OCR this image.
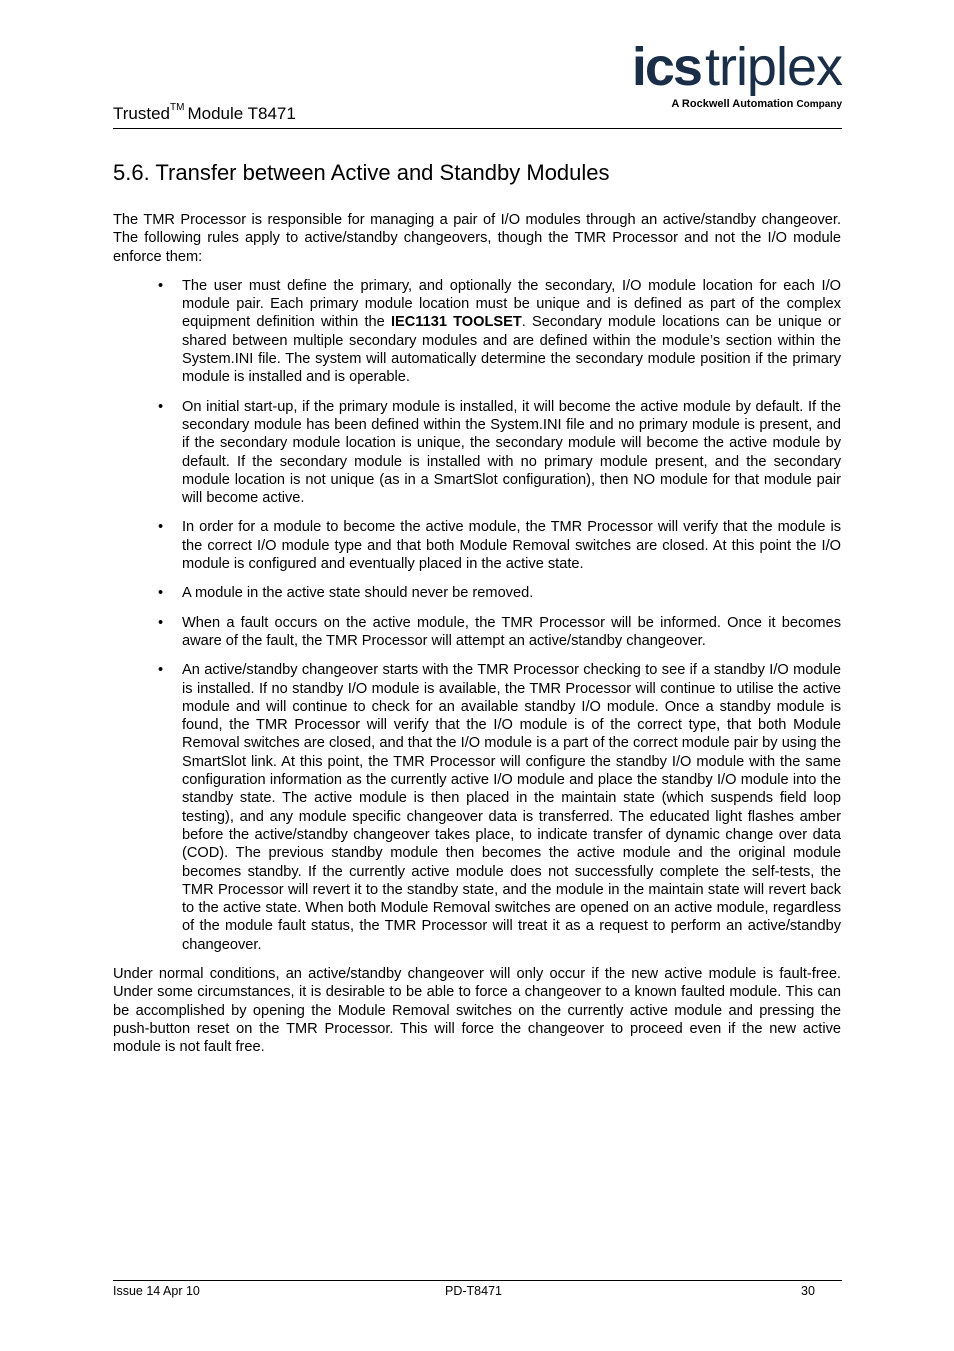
Trusted™ Module T8471
icstriplex
A Rockwell Automation Company
5.6. Transfer between Active and Standby Modules

The TMR Processor is responsible for managing a pair of I/O modules through an active/standby changeover. The following rules apply to active/standby changeovers, though the TMR Processor and not the I/O module enforce them:

• The user must define the primary, and optionally the secondary, I/O module location for each I/O module pair. Each primary module location must be unique and is defined as part of the complex equipment definition within the IEC1131 TOOLSET. Secondary module locations can be unique or shared between multiple secondary modules and are defined within the module’s section within the System.INI file. The system will automatically determine the secondary module position if the primary module is installed and is operable.
• On initial start-up, if the primary module is installed, it will become the active module by default. If the secondary module has been defined within the System.INI file and no primary module is present, and if the secondary module location is unique, the secondary module will become the active module by default. If the secondary module is installed with no primary module present, and the secondary module location is not unique (as in a SmartSlot configuration), then NO module for that module pair will become active.
• In order for a module to become the active module, the TMR Processor will verify that the module is the correct I/O module type and that both Module Removal switches are closed. At this point the I/O module is configured and eventually placed in the active state.
• A module in the active state should never be removed.
• When a fault occurs on the active module, the TMR Processor will be informed. Once it becomes aware of the fault, the TMR Processor will attempt an active/standby changeover.
• An active/standby changeover starts with the TMR Processor checking to see if a standby I/O module is installed. If no standby I/O module is available, the TMR Processor will continue to utilise the active module and will continue to check for an available standby I/O module. Once a standby module is found, the TMR Processor will verify that the I/O module is of the correct type, that both Module Removal switches are closed, and that the I/O module is a part of the correct module pair by using the SmartSlot link. At this point, the TMR Processor will configure the standby I/O module with the same configuration information as the currently active I/O module and place the standby I/O module into the standby state. The active module is then placed in the maintain state (which suspends field loop testing), and any module specific changeover data is transferred. The educated light flashes amber before the active/standby changeover takes place, to indicate transfer of dynamic change over data (COD). The previous standby module then becomes the active module and the original module becomes standby. If the currently active module does not successfully complete the self-tests, the TMR Processor will revert it to the standby state, and the module in the maintain state will revert back to the active state. When both Module Removal switches are opened on an active module, regardless of the module fault status, the TMR Processor will treat it as a request to perform an active/standby changeover.

Under normal conditions, an active/standby changeover will only occur if the new active module is fault-free. Under some circumstances, it is desirable to be able to force a changeover to a known faulted module. This can be accomplished by opening the Module Removal switches on the currently active module and pressing the push-button reset on the TMR Processor. This will force the changeover to proceed even if the new active module is not fault free.

Issue 14 Apr 10	PD-T8471	30
